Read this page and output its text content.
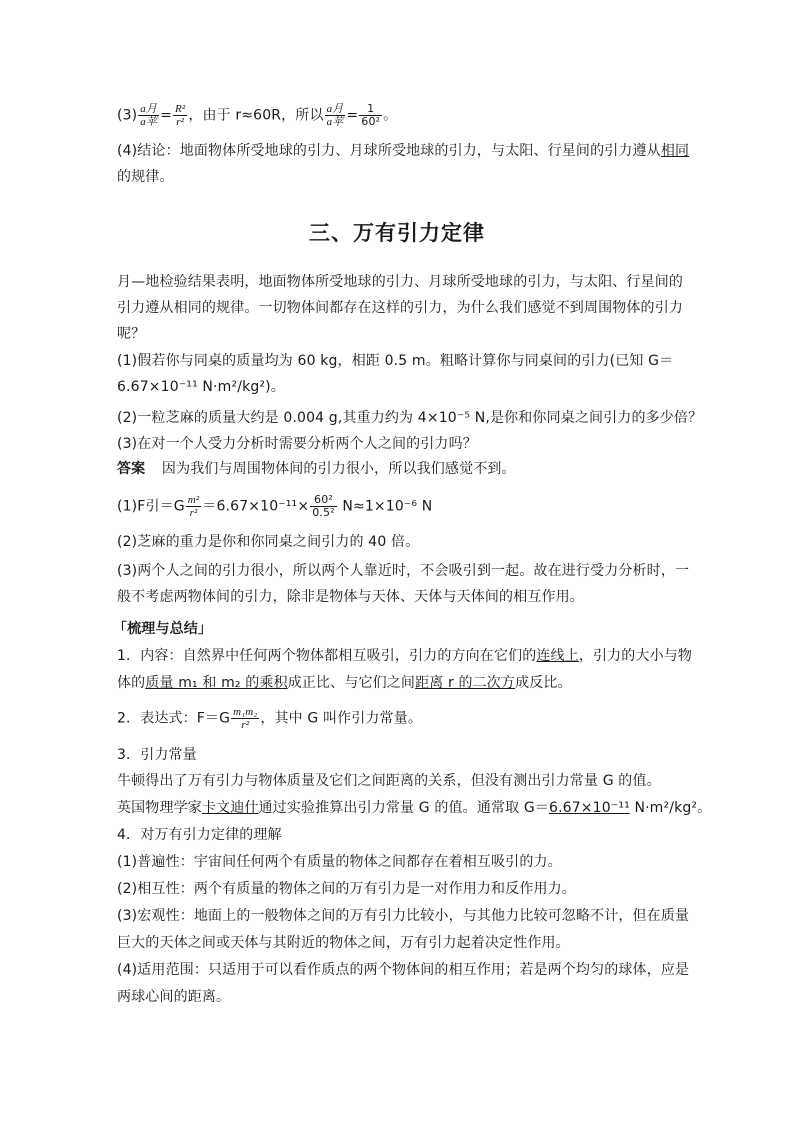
$(3) \frac{\text{a月}}{\text{a苹}} = \frac{\text{R²}}{\text{r²}}$ ，由于 r≈60R，所以 $\frac{\text{a月}}{\text{a苹}} = \frac{1}{\text{60²}}$ 。
(4)结论：地面物体所受地球的引力、月球所受地球的引力，与太阳、行星间的引力遵从相同
的规律。
三、万有引力定律
月—地检验结果表明，地面物体所受地球的引力、月球所受地球的引力，与太阳、行星间的
引力遵从相同的规律。一切物体间都存在这样的引力，为什么我们感觉不到周围物体的引力
呢？
(1)假若你与同桌的质量均为 60 kg，相距 0.5 m。粗略计算你与同桌间的引力(已知 G＝
6.67×10⁻¹¹ N·m²/kg²)。
(2)一粒芝麻的质量大约是 0.004 g,其重力约为 4×10⁻⁵ N,是你和你同桌之间引力的多少倍？
(3)在对一个人受力分析时需要分析两个人之间的引力吗？
答案 因为我们与周围物体间的引力很小，所以我们感觉不到。
(1)F引$=G \frac{\text{m²}}{\text{r²}} =6.67\times 10^{-11}\times \frac{\text{60²}}{\text{0.5²}} N\approx 1\times 10^{-6}$ N
(2)芝麻的重力是你和你同桌之间引力的 40 倍。
(3)两个人之间的引力很小，所以两个人靠近时，不会吸引到一起。故在进行受力分析时，一
般不考虑两物体间的引力，除非是物体与天体、天体与天体间的相互作用。
「梳理与总结」
1．内容：自然界中任何两个物体都相互吸引，引力的方向在它们的连线上，引力的大小与物
体的质量 m₁ 和 m₂ 的乘积成正比、与它们之间距离 r 的二次方成反比。
2．表达式：$F=G \frac{\text{m₁m₂}}{\text{r²}}$ ，其中 G 叫作引力常量。
3．引力常量
牛顿得出了万有引力与物体质量及它们之间距离的关系，但没有测出引力常量 G 的值。
英国物理学家卡文迪什通过实验推算出引力常量 G 的值。通常取 G＝6.67×10⁻¹¹ N·m²/kg²。
4．对万有引力定律的理解
(1)普遍性：宇宙间任何两个有质量的物体之间都存在着相互吸引的力。
(2)相互性：两个有质量的物体之间的万有引力是一对作用力和反作用力。
(3)宏观性：地面上的一般物体之间的万有引力比较小，与其他力比较可忽略不计，但在质量
巨大的天体之间或天体与其附近的物体之间，万有引力起着决定性作用。
(4)适用范围：只适用于可以看作质点的两个物体间的相互作用；若是两个均匀的球体，应是
两球心间的距离。
